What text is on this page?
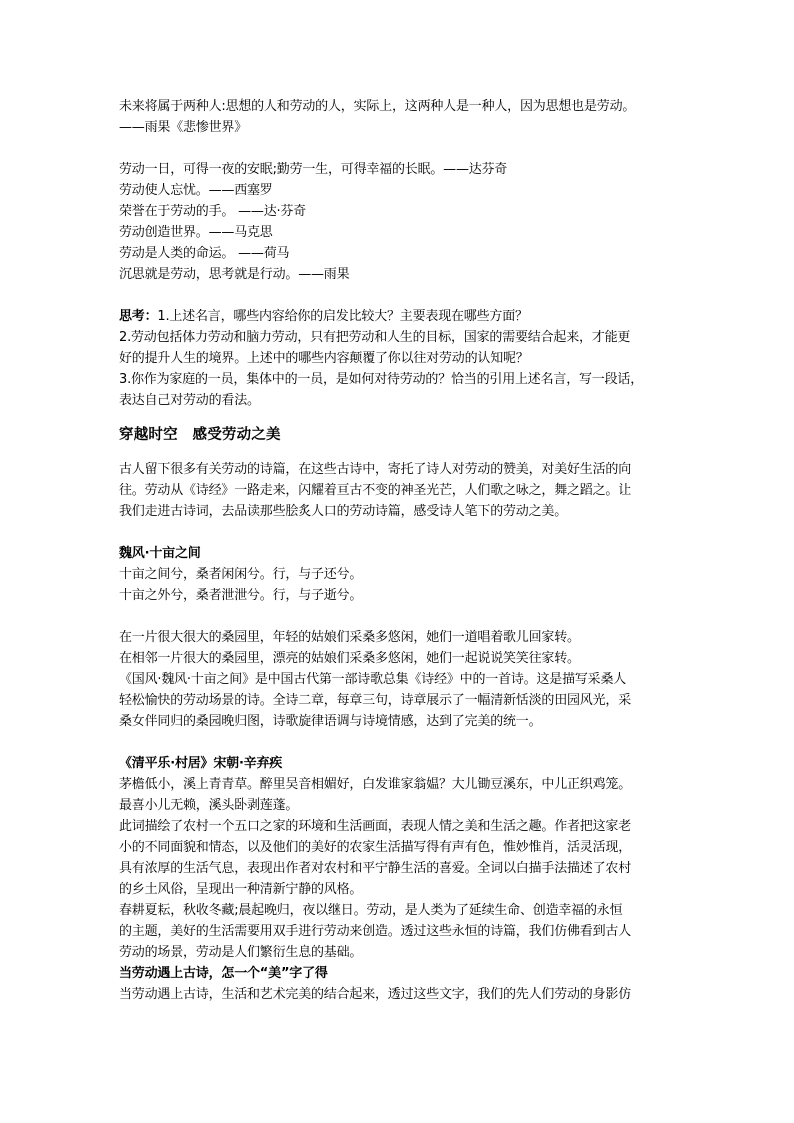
未来将属于两种人:思想的人和劳动的人，实际上，这两种人是一种人，因为思想也是劳动。

——雨果《悲惨世界》

劳动一日，可得一夜的安眠;勤劳一生，可得幸福的长眠。——达芬奇

劳动使人忘忧。——西塞罗

荣誉在于劳动的手。 ——达·芬奇

劳动创造世界。——马克思

劳动是人类的命运。 ——荷马

沉思就是劳动，思考就是行动。——雨果

思考：1.上述名言，哪些内容给你的启发比较大？主要表现在哪些方面？

2.劳动包括体力劳动和脑力劳动，只有把劳动和人生的目标，国家的需要结合起来，才能更

好的提升人生的境界。上述中的哪些内容颠覆了你以往对劳动的认知呢？

3.你作为家庭的一员，集体中的一员，是如何对待劳动的？恰当的引用上述名言，写一段话，

表达自己对劳动的看法。

穿越时空　感受劳动之美

古人留下很多有关劳动的诗篇，在这些古诗中，寄托了诗人对劳动的赞美，对美好生活的向

往。劳动从《诗经》一路走来，闪耀着亘古不变的神圣光芒，人们歌之咏之，舞之蹈之。让

我们走进古诗词，去品读那些脍炙人口的劳动诗篇，感受诗人笔下的劳动之美。

魏风·十亩之间

十亩之间兮，桑者闲闲兮。行，与子还兮。

十亩之外兮，桑者泄泄兮。行，与子逝兮。

在一片很大很大的桑园里，年轻的姑娘们采桑多悠闲，她们一道唱着歌儿回家转。

在相邻一片很大的桑园里，漂亮的姑娘们采桑多悠闲，她们一起说说笑笑往家转。

《国风·魏风·十亩之间》是中国古代第一部诗歌总集《诗经》中的一首诗。这是描写采桑人

轻松愉快的劳动场景的诗。全诗二章，每章三句，诗章展示了一幅清新恬淡的田园风光，采

桑女伴同归的桑园晚归图，诗歌旋律语调与诗境情感，达到了完美的统一。

《清平乐·村居》宋朝·辛弃疾

茅檐低小，溪上青青草。醉里吴音相媚好，白发谁家翁媪？大儿锄豆溪东，中儿正织鸡笼。

最喜小儿无赖，溪头卧剥莲蓬。

此词描绘了农村一个五口之家的环境和生活画面，表现人情之美和生活之趣。作者把这家老

小的不同面貌和情态，以及他们的美好的农家生活描写得有声有色，惟妙惟肖，活灵活现，

具有浓厚的生活气息，表现出作者对农村和平宁静生活的喜爱。全词以白描手法描述了农村

的乡土风俗，呈现出一种清新宁静的风格。

春耕夏耘，秋收冬藏;晨起晚归，夜以继日。劳动，是人类为了延续生命、创造幸福的永恒

的主题，美好的生活需要用双手进行劳动来创造。透过这些永恒的诗篇，我们仿佛看到古人

劳动的场景，劳动是人们繁衍生息的基础。

当劳动遇上古诗，怎一个“美”字了得

当劳动遇上古诗，生活和艺术完美的结合起来，透过这些文字，我们的先人们劳动的身影仿
